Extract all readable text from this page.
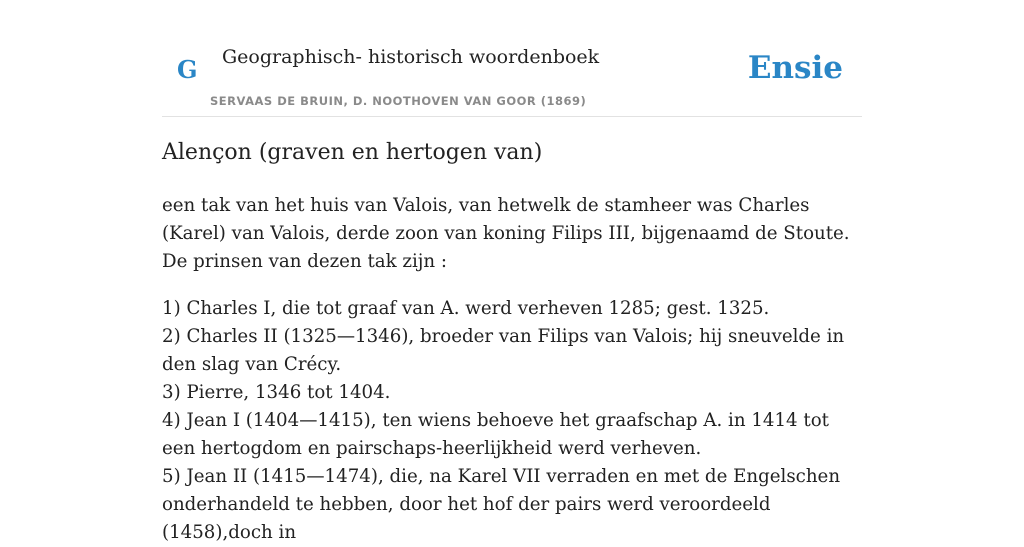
G Geographisch- historisch woordenboek
SERVAAS DE BRUIN, D. NOOTHOVEN VAN GOOR (1869)
Ensie
Alençon (graven en hertogen van)

een tak van het huis van Valois, van hetwelk de stamheer was Charles (Karel) van Valois, derde zoon van koning Filips III, bijgenaamd de Stoute. De prinsen van dezen tak zijn :

1) Charles I, die tot graaf van A. werd verheven 1285; gest. 1325.
2) Charles II (1325—1346), broeder van Filips van Valois; hij sneuvelde in den slag van Crécy.
3) Pierre, 1346 tot 1404.
4) Jean I (1404—1415), ten wiens behoeve het graafschap A. in 1414 tot een hertogdom en pairschaps-heerlijkheid werd verheven.
5) Jean II (1415—1474), die, na Karel VII verraden en met de Engelschen onderhandeld te hebben, door het hof der pairs werd veroordeeld (1458),doch in
